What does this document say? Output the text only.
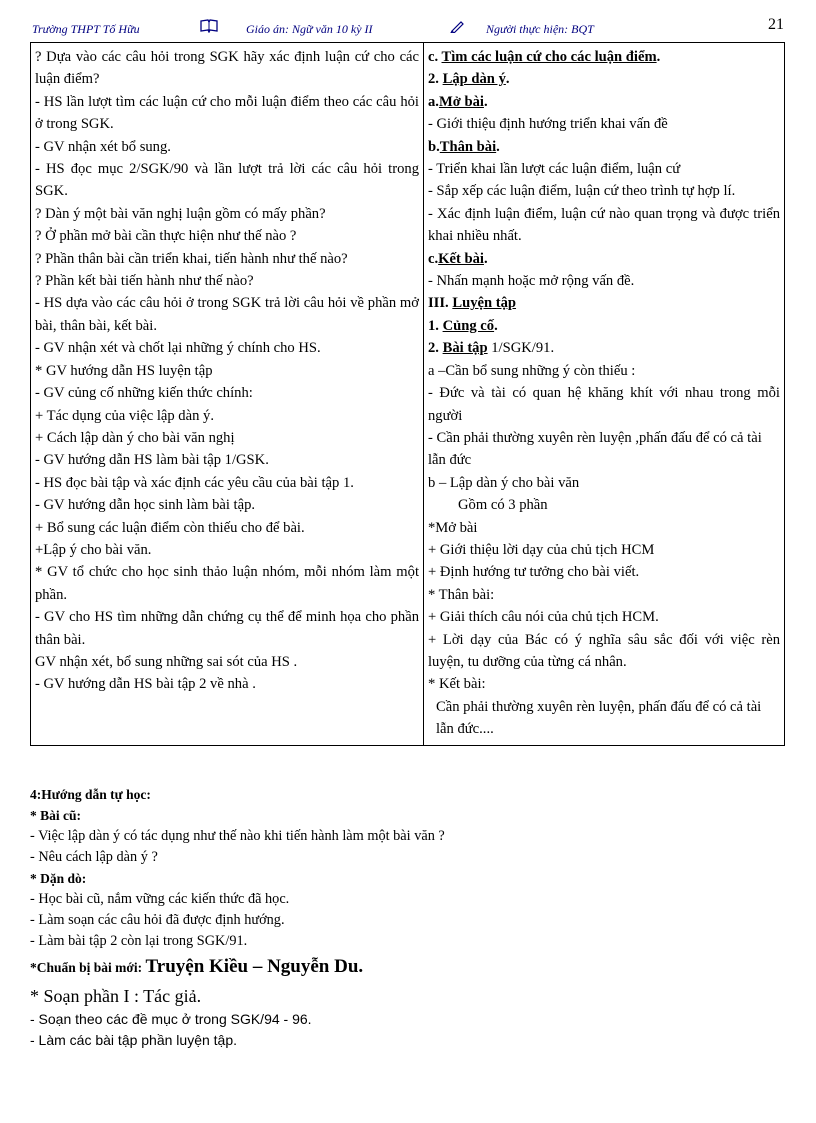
Trường THPT Tố Hữu	Giáo án: Ngữ văn 10 kỳ II	Người thực hiện: BQT	21
? Dựa vào các câu hỏi trong SGK hãy xác định luận cứ cho các luận điểm?
- HS lần lượt tìm các luận cứ cho mỗi luận điểm theo các câu hỏi ở trong SGK.
- GV nhận xét bổ sung.
- HS đọc mục 2/SGK/90 và lần lượt trả lời các câu hỏi trong SGK.
? Dàn ý một bài văn nghị luận gồm có mấy phần?
? Ở phần mở bài cần thực hiện như thế nào ?
? Phần thân bài cần triển khai, tiến hành như thế nào?
? Phần kết bài tiến hành như thế nào?
- HS dựa vào các câu hỏi ở trong SGK trả lời câu hỏi về phần mở bài, thân bài, kết bài.
- GV nhận xét và chốt lại những ý chính cho HS.
* GV hướng dẫn HS luyện tập
- GV củng cố những kiến thức chính:
+ Tác dụng của việc lập dàn ý.
+ Cách lập dàn ý cho bài văn nghị
- GV hướng dẫn HS làm bài tập 1/GSK.
- HS đọc bài tập và xác định các yêu cầu của bài tập 1.
- GV hướng dẫn học sinh làm bài tập.
+ Bổ sung các luận điểm còn thiếu cho để bài.
+Lập ý cho bài văn.
* GV tổ chức cho học sinh thảo luận nhóm, mỗi nhóm làm một phần.
- GV cho HS tìm những dẫn chứng cụ thể để minh họa cho phần thân bài.
GV nhận xét, bổ sung những sai sót của HS .
- GV hướng dẫn HS bài tập 2 về nhà .

c. Tìm các luận cứ cho các luận điểm.
2. Lập dàn ý.
a.Mở bài.
- Giới thiệu định hướng triển khai vấn đề
b.Thân bài.
- Triển khai lần lượt các luận điểm, luận cứ
- Sắp xếp các luận điểm, luận cứ theo trình tự hợp lí.
- Xác định luận điểm, luận cứ nào quan trọng và được triển khai nhiều nhất.
c.Kết bài.
- Nhấn mạnh hoặc mở rộng vấn đề.
III. Luyện tập
1. Củng cố.
2. Bài tập 1/SGK/91.
a –Cần bổ sung những ý còn thiếu :
- Đức và tài có quan hệ khăng khít với nhau trong mỗi người
- Cần phải thường xuyên rèn luyện ,phấn đấu để có cả tài lẫn đức
b – Lập dàn ý cho bài văn
Gồm có 3 phần
*Mở bài
+ Giới thiệu lời dạy của chủ tịch HCM
+ Định hướng tư tưởng cho bài viết.
* Thân bài:
+ Giải thích câu nói của chủ tịch HCM.
+ Lời dạy của Bác có ý nghĩa sâu sắc đối với việc rèn luyện, tu dưỡng của từng cá nhân.
* Kết bài:
Cần phải thường xuyên rèn luyện, phấn đấu để có cả tài lẫn đức....
4:Hướng dẫn tự học:
* Bài cũ:
- Việc lập dàn ý có tác dụng như thế nào khi tiến hành làm một bài văn ?
- Nêu cách lập dàn ý ?
* Dặn dò:
- Học bài cũ, nắm vững các kiến thức đã học.
- Làm soạn các câu hỏi đã được định hướng.
- Làm bài tập 2 còn lại trong SGK/91.
*Chuẩn bị bài mới: Truyện Kiều – Nguyễn Du.
* Soạn phần I : Tác giả.
- Soạn theo các đề mục ở trong SGK/94 - 96.
- Làm các bài tập phần luyện tập.
